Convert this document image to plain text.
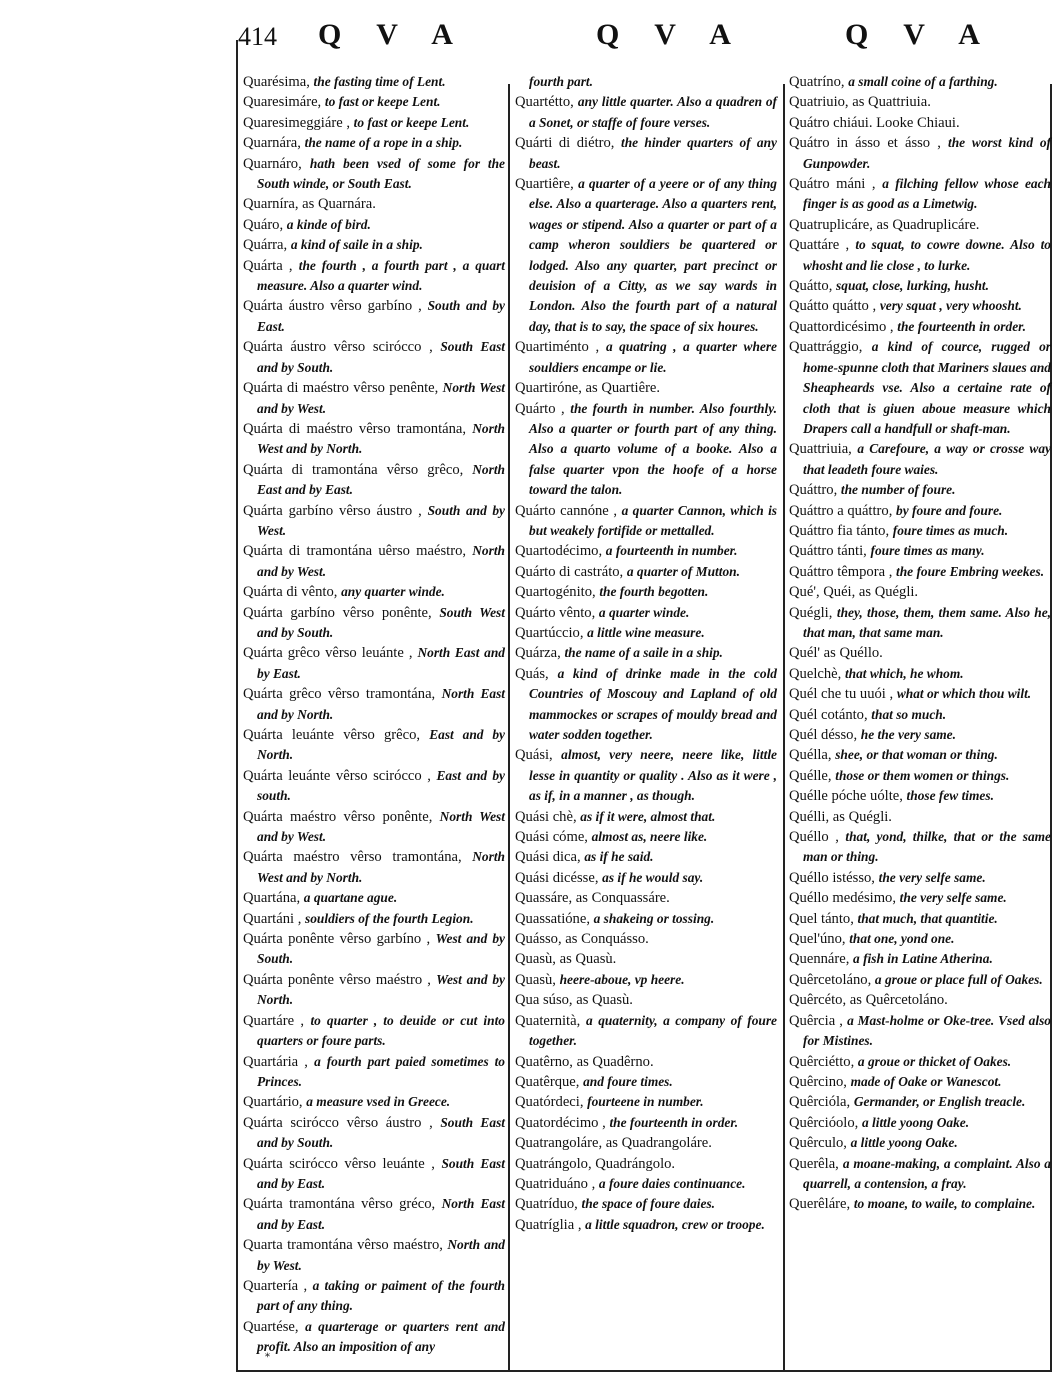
414 Q V A	Q V A	Q V A
Quarésima, the fasting time of Lent.
Quaresimáre, to fast or keepe Lent.
Quaresimeggiáre , to fast or keepe Lent.
Quarnára, the name of a rope in a ship.
Quarnáro, hath been vsed of some for the South winde, or South East.
Quarníra, as Quarnára.
Quáro, a kinde of bird.
Quárra, a kind of saile in a ship.
Quárta , the fourth , a fourth part , a quart measure. Also a quarter wind.
Quárta áustro vêrso garbíno , South and by East.
Quárta áustro vêrso scirócco , South East and by South.
Quárta di maéstro vêrso penênte, North West and by West.
Quárta di maéstro vêrso tramontána, North West and by North.
Quárta di tramontána vêrso grêco, North East and by East.
Quárta garbíno vêrso áustro , South and by West.
Quárta di tramontána uêrso maéstro, North and by West.
Quárta di vênto, any quarter winde.
Quárta garbíno vêrso ponênte, South West and by South.
Quárta grêco vêrso leuánte , North East and by East.
Quárta grêco vêrso tramontána, North East and by North.
Quárta leuánte vêrso grêco, East and by North.
Quárta leuánte vêrso scirócco , East and by south.
Quárta maéstro vêrso ponênte, North West and by West.
Quárta maéstro vêrso tramontána, North West and by North.
Quartána, a quartane ague.
Quartáni , souldiers of the fourth Legion.
Quárta ponênte vêrso garbíno , West and by South.
Quárta ponênte vêrso maéstro , West and by North.
Quartáre , to quarter , to deuide or cut into quarters or foure parts.
Quartária , a fourth part paied sometimes to Princes.
Quartário, a measure vsed in Greece.
Quárta scirócco vêrso áustro , South East and by South.
Quárta scirócco vêrso leuánte , South East and by East.
Quárta tramontána vêrso gréco, North East and by East.
Quarta tramontána vêrso maéstro, North and by West.
Quartería , a taking or paiment of the fourth part of any thing.
Quartése, a quarterage or quarters rent and profit. Also an imposition of any
fourth part.
Quartétto, any little quarter. Also a quadren of a Sonet, or staffe of foure verses.
Quárti di diétro, the hinder quarters of any beast.
Quartiêre, a quarter of a yeere or of any thing else. Also a quarterage. Also a quarters rent, wages or stipend. Also a quarter or part of a camp wheron souldiers be quartered or lodged. Also any quarter, part precinct or deuision of a Citty, as we say wards in London. Also the fourth part of a natural day, that is to say, the space of six houres.
Quartiménto , a quatring , a quarter where souldiers encampe or lie.
Quartiróne, as Quartiêre.
Quárto , the fourth in number. Also fourthly. Also a quarter or fourth part of any thing. Also a quarto volume of a booke. Also a false quarter vpon the hoofe of a horse toward the talon.
Quárto cannóne , a quarter Cannon, which is but weakely fortifide or mettalled.
Quartodécimo, a fourteenth in number.
Quárto di castráto, a quarter of Mutton.
Quartogénito, the fourth begotten.
Quárto vênto, a quarter winde.
Quartúccio, a little wine measure.
Quárza, the name of a saile in a ship.
Quás, a kind of drinke made in the cold Countries of Moscouy and Lapland of old mammockes or scrapes of mouldy bread and water sodden together.
Quási, almost, very neere, neere like, little lesse in quantity or quality . Also as it were , as if, in a manner , as though.
Quási chè, as if it were, almost that.
Quási cóme, almost as, neere like.
Quási dica, as if he said.
Quási dicésse, as if he would say.
Quassáre, as Conquassáre.
Quassatióne, a shakeing or tossing.
Quásso, as Conquásso.
Quasù, as Quasù.
Quasù, heere-aboue, vp heere.
Qua súso, as Quasù.
Quaternità, a quaternity, a company of foure together.
Quatêrno, as Quadêrno.
Quatêrque, and foure times.
Quatórdeci, fourteene in number.
Quatordécimo , the fourteenth in order.
Quatrangoláre, as Quadrangoláre.
Quatrángolo, Quadrángolo.
Quatriduáno , a foure daies continuance.
Quatríduo, the space of foure daies.
Quatríglia , a little squadron, crew or troope.
Quatríno, a small coine of a farthing.
Quatriuio, as Quattriuia.
Quátro chiáui. Looke Chiaui.
Quátro in ásso et ásso , the worst kind of Gunpowder.
Quátro máni , a filching fellow whose each finger is as good as a Limetwig.
Quatruplicáre, as Quadruplicáre.
Quattáre , to squat, to cowre downe. Also to whosht and lie close , to lurke.
Quátto, squat, close, lurking, husht.
Quátto quátto , very squat , very whoosht.
Quattordicésimo , the fourteenth in order.
Quattrággio, a kind of cource, rugged or home-spunne cloth that Mariners slaues and Sheapheards vse. Also a certaine rate of cloth that is giuen aboue measure which Drapers call a handfull or shaft-man.
Quattriuia, a Carefoure, a way or crosse way that leadeth foure waies.
Quáttro, the number of foure.
Quáttro a quáttro, by foure and foure.
Quáttro fia tánto, foure times as much.
Quáttro tánti, foure times as many.
Quáttro têmpora , the foure Embring weekes.
Qué', Quéi, as Quégli.
Quégli, they, those, them, them same. Also he, that man, that same man.
Quél' as Quéllo.
Quelchè, that which, he whom.
Quél che tu uuói , what or which thou wilt.
Quél cotánto, that so much.
Quél désso, he the very same.
Quélla, shee, or that woman or thing.
Quélle, those or them women or things.
Quélle póche uólte, those few times.
Quélli, as Quégli.
Quéllo , that, yond, thilke, that or the same man or thing.
Quéllo istésso, the very selfe same.
Quéllo medésimo, the very selfe same.
Quel tánto, that much, that quantitie.
Quel'úno, that one, yond one.
Quennáre, a fish in Latine Atherina.
Quêrcetoláno, a groue or place full of Oakes.
Quêrcéto, as Quêrcetoláno.
Quêrcia , a Mast-holme or Oke-tree. Vsed also for Mistines.
Quêrciétto, a groue or thicket of Oakes.
Quêrcino, made of Oake or Wanescot.
Quêrcióla, Germander, or English treacle.
Quêrcióolo, a little yoong Oake.
Quêrculo, a little yoong Oake.
Querêla, a moane-making, a complaint. Also a quarrell, a contension, a fray.
Querêláre, to moane, to waile, to complaine.
*
